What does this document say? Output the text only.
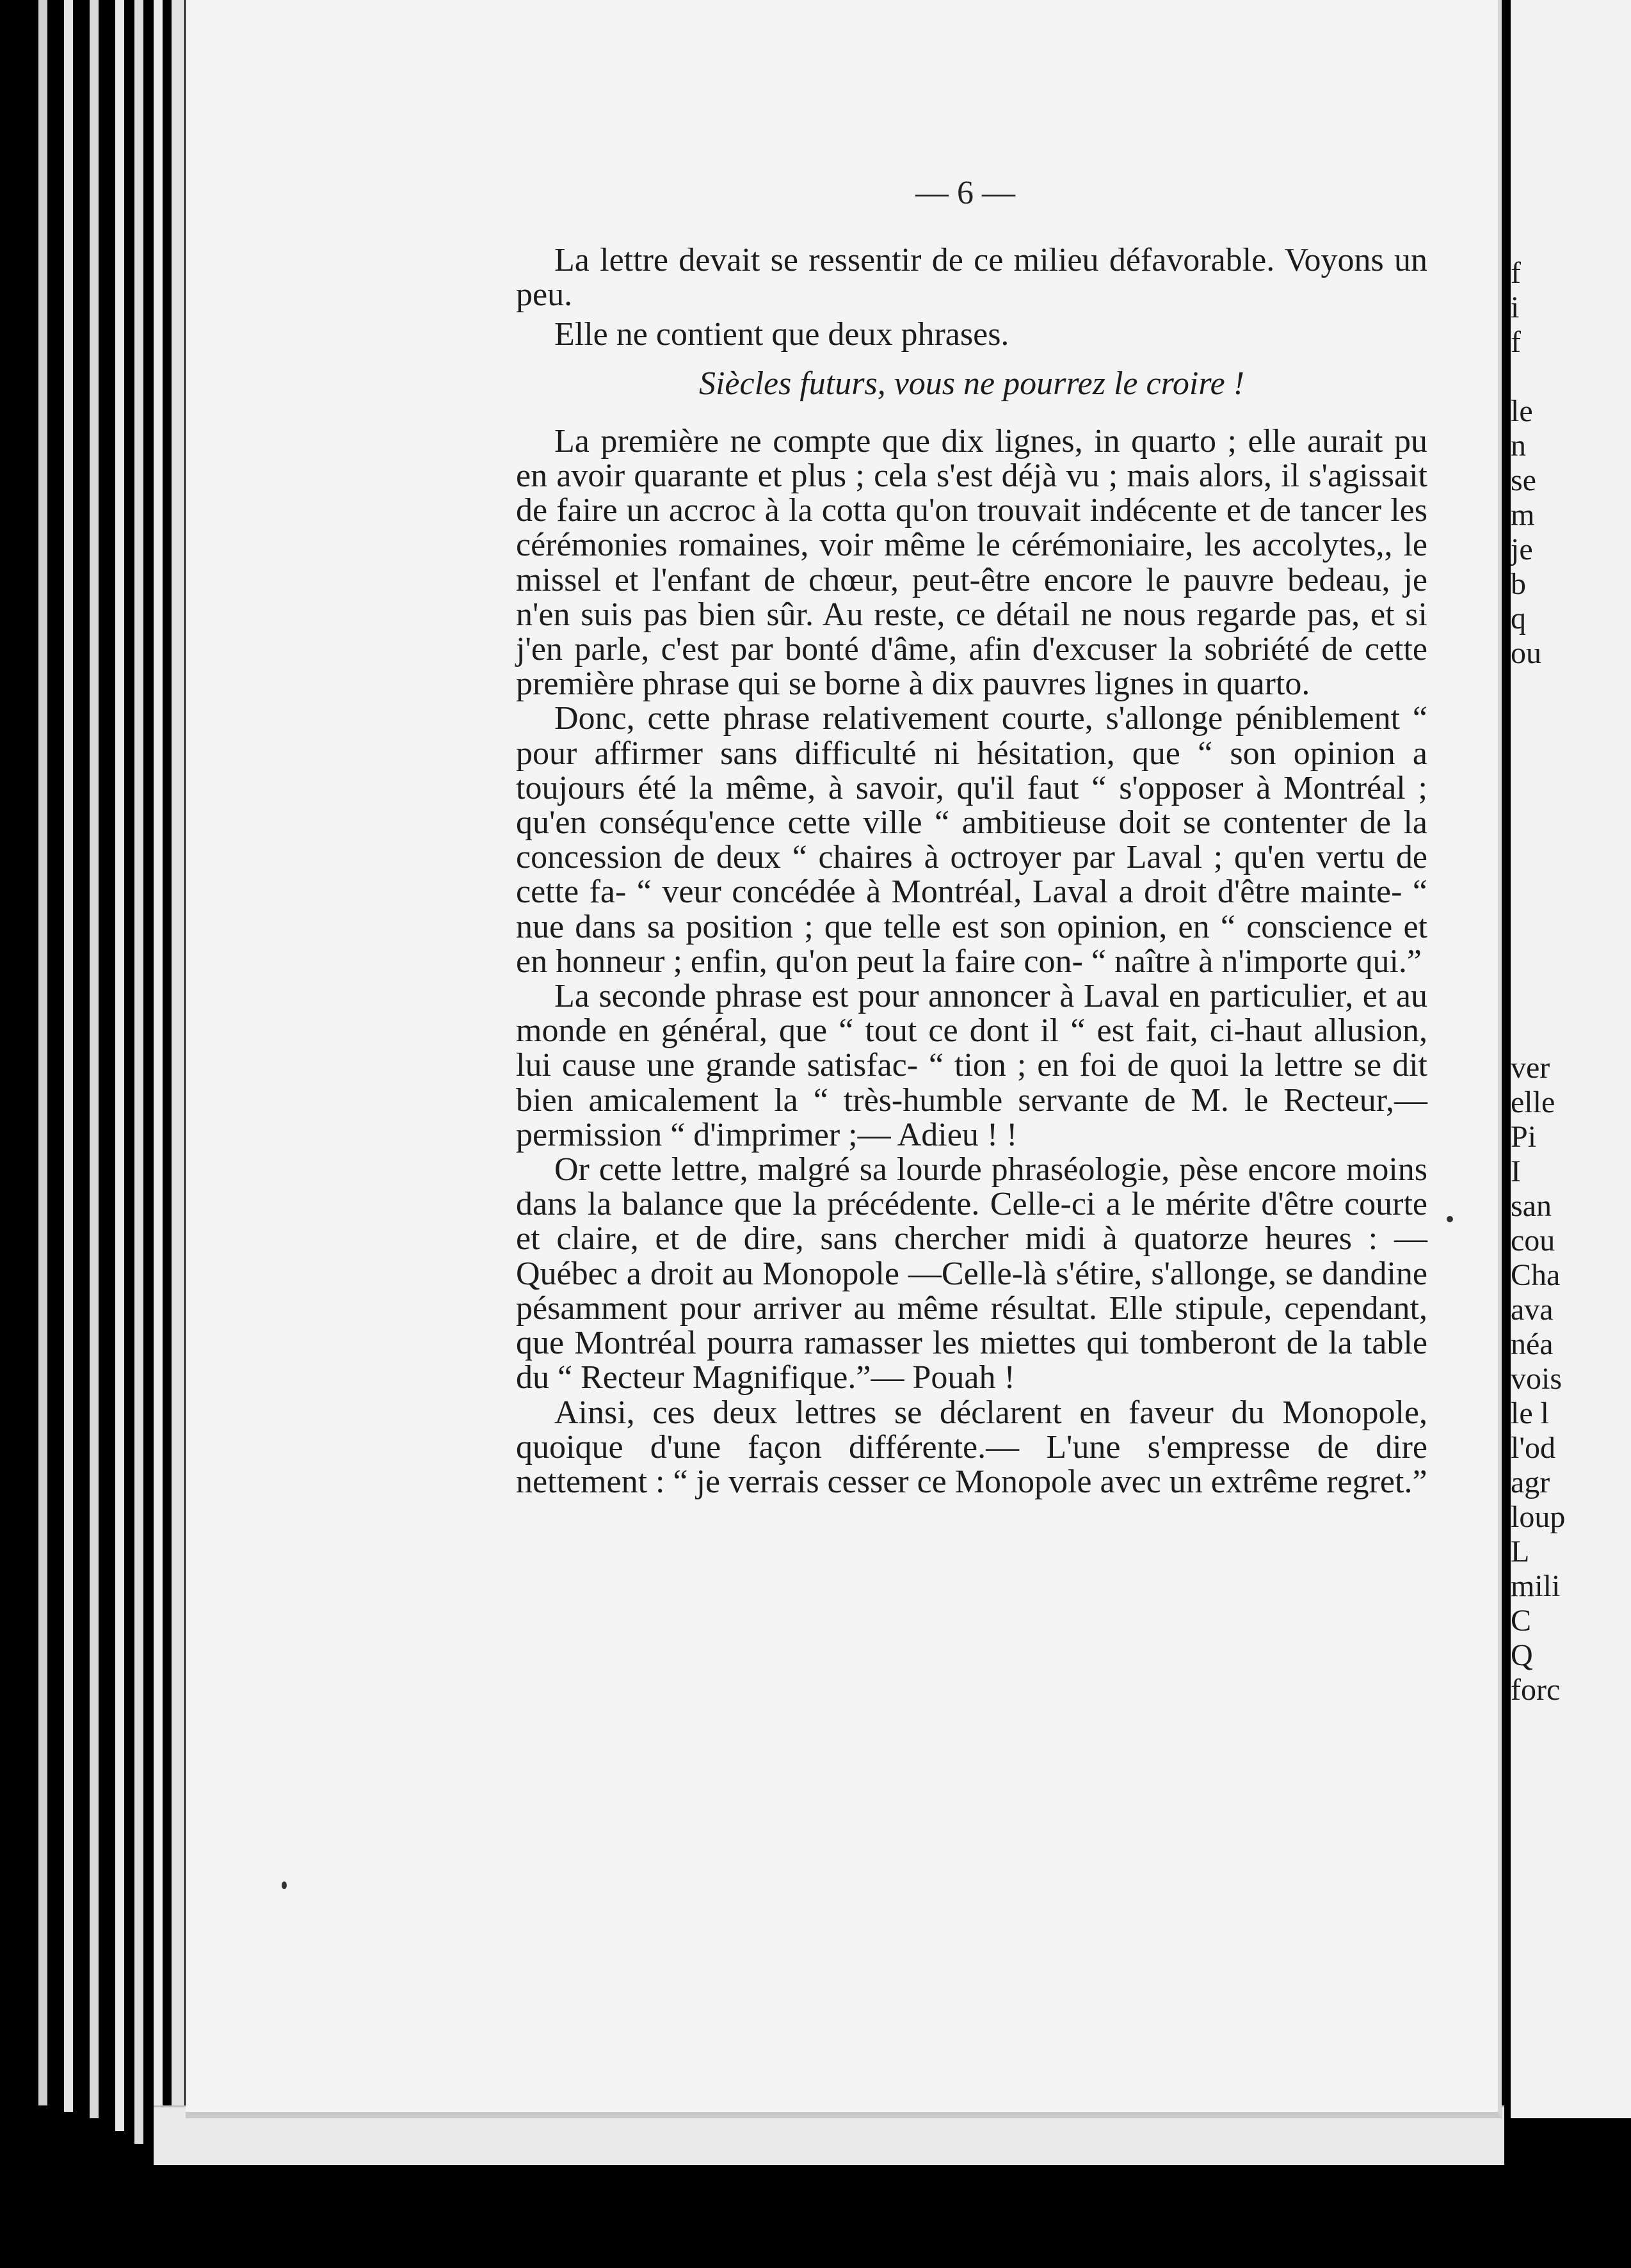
— 6 —

La lettre devait se ressentir de ce milieu défavorable. Voyons un peu.

Elle ne contient que deux phrases.

Siècles futurs, vous ne pourrez le croire !

La première ne compte que dix lignes, in quarto ; elle aurait pu en avoir quarante et plus ; cela s'est déjà vu ; mais alors, il s'agissait de faire un accroc à la cotta qu'on trouvait indécente et de tancer les cérémonies romaines, voir même le cérémoniaire, les accolytes,, le missel et l'enfant de chœur, peut-être encore le pauvre bedeau, je n'en suis pas bien sûr. Au reste, ce détail ne nous regarde pas, et si j'en parle, c'est par bonté d'âme, afin d'excuser la sobriété de cette première phrase qui se borne à dix pauvres lignes in quarto.

Donc, cette phrase relativement courte, s'allonge péniblement “ pour affirmer sans difficulté ni hésitation, que “ son opinion a toujours été la même, à savoir, qu'il faut “ s'opposer à Montréal ; qu'en conséqu'ence cette ville “ ambitieuse doit se contenter de la concession de deux “ chaires à octroyer par Laval ; qu'en vertu de cette fa- “ veur concédée à Montréal, Laval a droit d'être mainte- “ nue dans sa position ; que telle est son opinion, en “ conscience et en honneur ; enfin, qu'on peut la faire con- “ naître à n'importe qui.”

La seconde phrase est pour annoncer à Laval en particulier, et au monde en général, que “ tout ce dont il “ est fait, ci-haut allusion, lui cause une grande satisfac- “ tion ; en foi de quoi la lettre se dit bien amicalement la “ très-humble servante de M. le Recteur,— permission “ d'imprimer ;— Adieu ! !

Or cette lettre, malgré sa lourde phraséologie, pèse encore moins dans la balance que la précédente. Celle-ci a le mérite d'être courte et claire, et de dire, sans chercher midi à quatorze heures : — Québec a droit au Monopole —Celle-là s'étire, s'allonge, se dandine pésamment pour arriver au même résultat. Elle stipule, cependant, que Montréal pourra ramasser les miettes qui tomberont de la table du “ Recteur Magnifique.”— Pouah !

Ainsi, ces deux lettres se déclarent en faveur du Monopole, quoique d'une façon différente.— L'une s'empresse de dire nettement : “ je verrais cesser ce Monopole avec un extrême regret.”

f
i
f

le
n
se
m
je
b
q
ou

ver
elle
Pi
I
san
cou
Cha
ava
néa
vois
le l
l'od
agr
loup
L
mili
C
Q
forc
